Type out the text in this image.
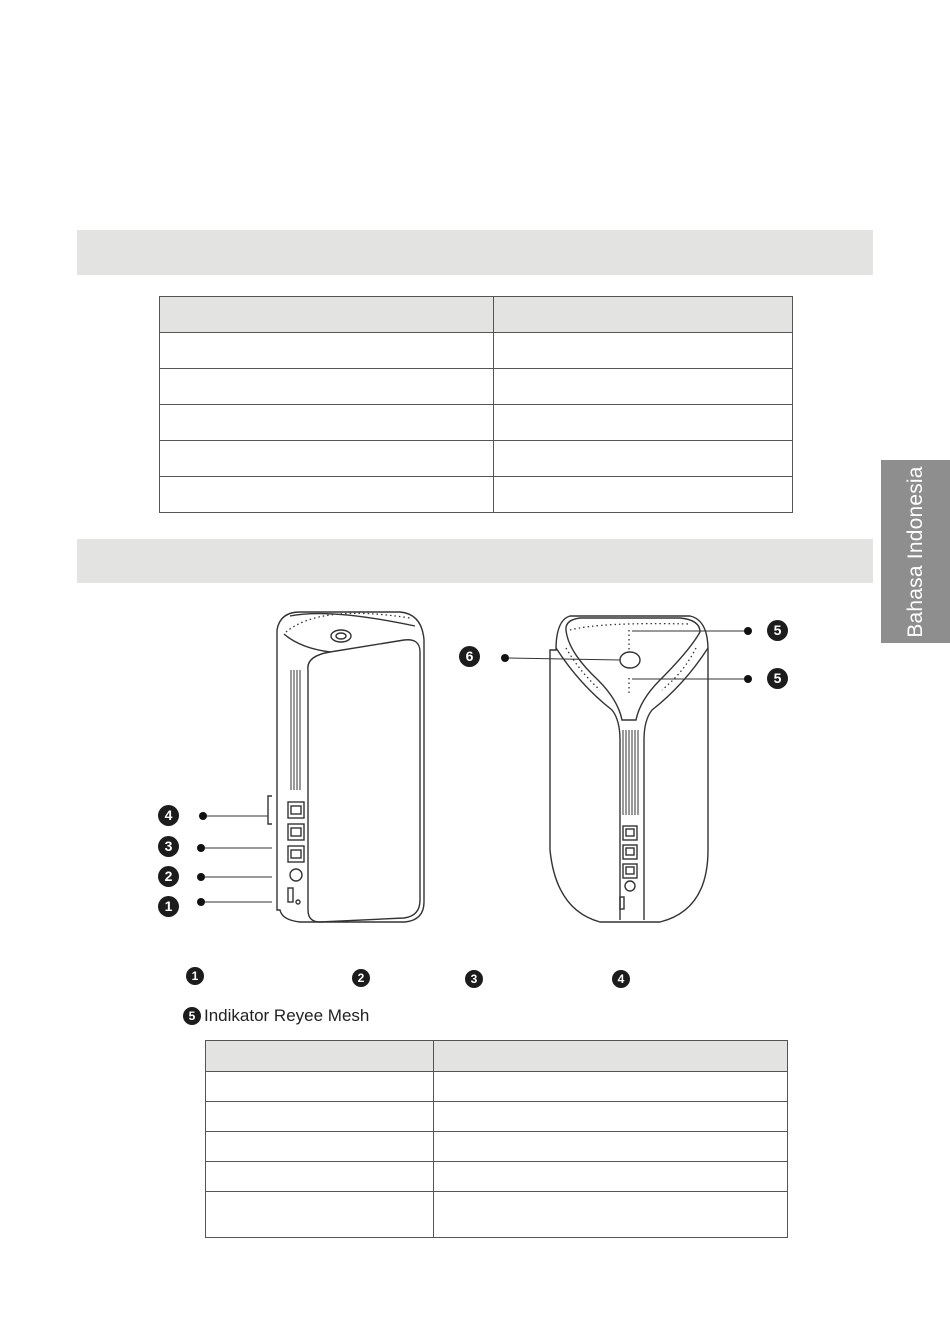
Bahasa Indonesia
4
3
2
1
5
6
5
1	2	3	4
5 Indikator Reyee Mesh
